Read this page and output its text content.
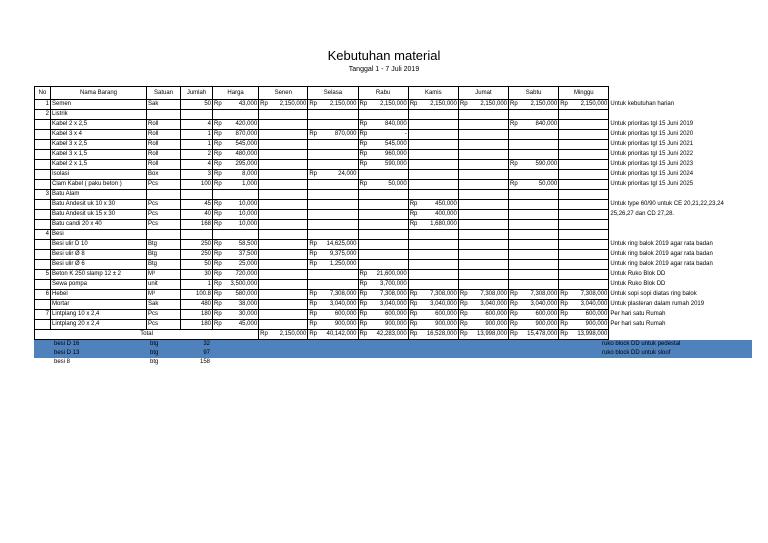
Kebutuhan material
Tanggal 1 - 7 Juli 2019
No	Nama Barang	Satuan	Jumlah	Harga		Senen		Selasa		Rabu		Kamis		Jumat		Sabtu		Minggu		
1	Semen	Sak	50	Rp	43,000	Rp	2,150,000	Rp	2,150,000	Rp	2,150,000	Rp	2,150,000	Rp	2,150,000	Rp	2,150,000	Rp	2,150,000	Untuk kebutuhan harian
2	Listrik																			
	Kabel 2 x 2,5	Roll	4	Rp	420,000					Rp	840,000					Rp	840,000			Untuk prioritas tgl 15 Juni 2019
	Kabel 3 x 4	Roll	1	Rp	870,000			Rp	870,000	Rp	-									Untuk prioritas tgl 15 Juni 2020
	Kabel 3 x 2,5	Roll	1	Rp	545,000					Rp	545,000									Untuk prioritas tgl 15 Juni 2021
	Kabel 3 x 1,5	Roll	2	Rp	480,000					Rp	960,000									Untuk prioritas tgl 15 Juni 2022
	Kabel 2 x 1,5	Roll	4	Rp	295,000					Rp	590,000					Rp	590,000			Untuk prioritas tgl 15 Juni 2023
	Isolasi	Box	3	Rp	8,000			Rp	24,000											Untuk prioritas tgl 15 Juni 2024
	Clam Kabel ( paku beton )	Pcs	100	Rp	1,000					Rp	50,000					Rp	50,000			Untuk prioritas tgl 15 Juni 2025
3	Batu Alam																			
	Batu Andesit uk 10 x 30	Pcs	45	Rp	10,000							Rp	450,000							Untuk type 60/90 untuk CE 20,21,22,23,24
	Batu Andesit uk 15 x 30	Pcs	40	Rp	10,000							Rp	400,000							25,26,27 dan CD 27,28.
	Batu candi 20 x 40	Pcs	168	Rp	10,000							Rp	1,680,000							
4	Besi																			
	Besi ulir D 10	Btg	250	Rp	58,500			Rp	14,625,000											Untuk ring balok 2019 agar rata badan
	Besi ulir Ø 8	Btg	250	Rp	37,500			Rp	9,375,000											Untuk ring balok 2019 agar rata badan
	Besi ulir Ø 6	Btg	50	Rp	25,000			Rp	1,250,000											Untuk ring balok 2019 agar rata badan
5	Beton K 250 slamp 12 ± 2	M³	30	Rp	720,000					Rp	21,600,000									Untuk Ruko Blok DD
	Sewa pompa	unit	1	Rp	3,500,000					Rp	3,700,000									Untuk Ruko Blok DD
6	Hebel	M³	100.8	Rp	580,000			Rp	7,308,000	Rp	7,308,000	Rp	7,308,000	Rp	7,308,000	Rp	7,308,000	Rp	7,308,000	Untuk sopi sopi diatas ring balok
	Mortar	Sak	480	Rp	38,000			Rp	3,040,000	Rp	3,040,000	Rp	3,040,000	Rp	3,040,000	Rp	3,040,000	Rp	3,040,000	Untuk plasteran dalam rumah 2019
7	Lintplang 10 x 2,4	Pcs	180	Rp	30,000			Rp	600,000	Rp	600,000	Rp	600,000	Rp	600,000	Rp	600,000	Rp	600,000	Per hari satu Rumah
	Lintplang 20 x 2,4	Pcs	180	Rp	45,000			Rp	900,000	Rp	900,000	Rp	900,000	Rp	900,000	Rp	900,000	Rp	900,000	Per hari satu Rumah
Total						Rp	2,150,000	Rp	40,142,000	Rp	42,283,000	Rp	16,528,000	Rp	13,998,000	Rp	15,478,000	Rp	13,998,000	
besi D 16	btg	32	ruko block DD untuk pedestal
besi D 13	btg	97	ruko block DD untuk sloof
besi 8	btg	158
